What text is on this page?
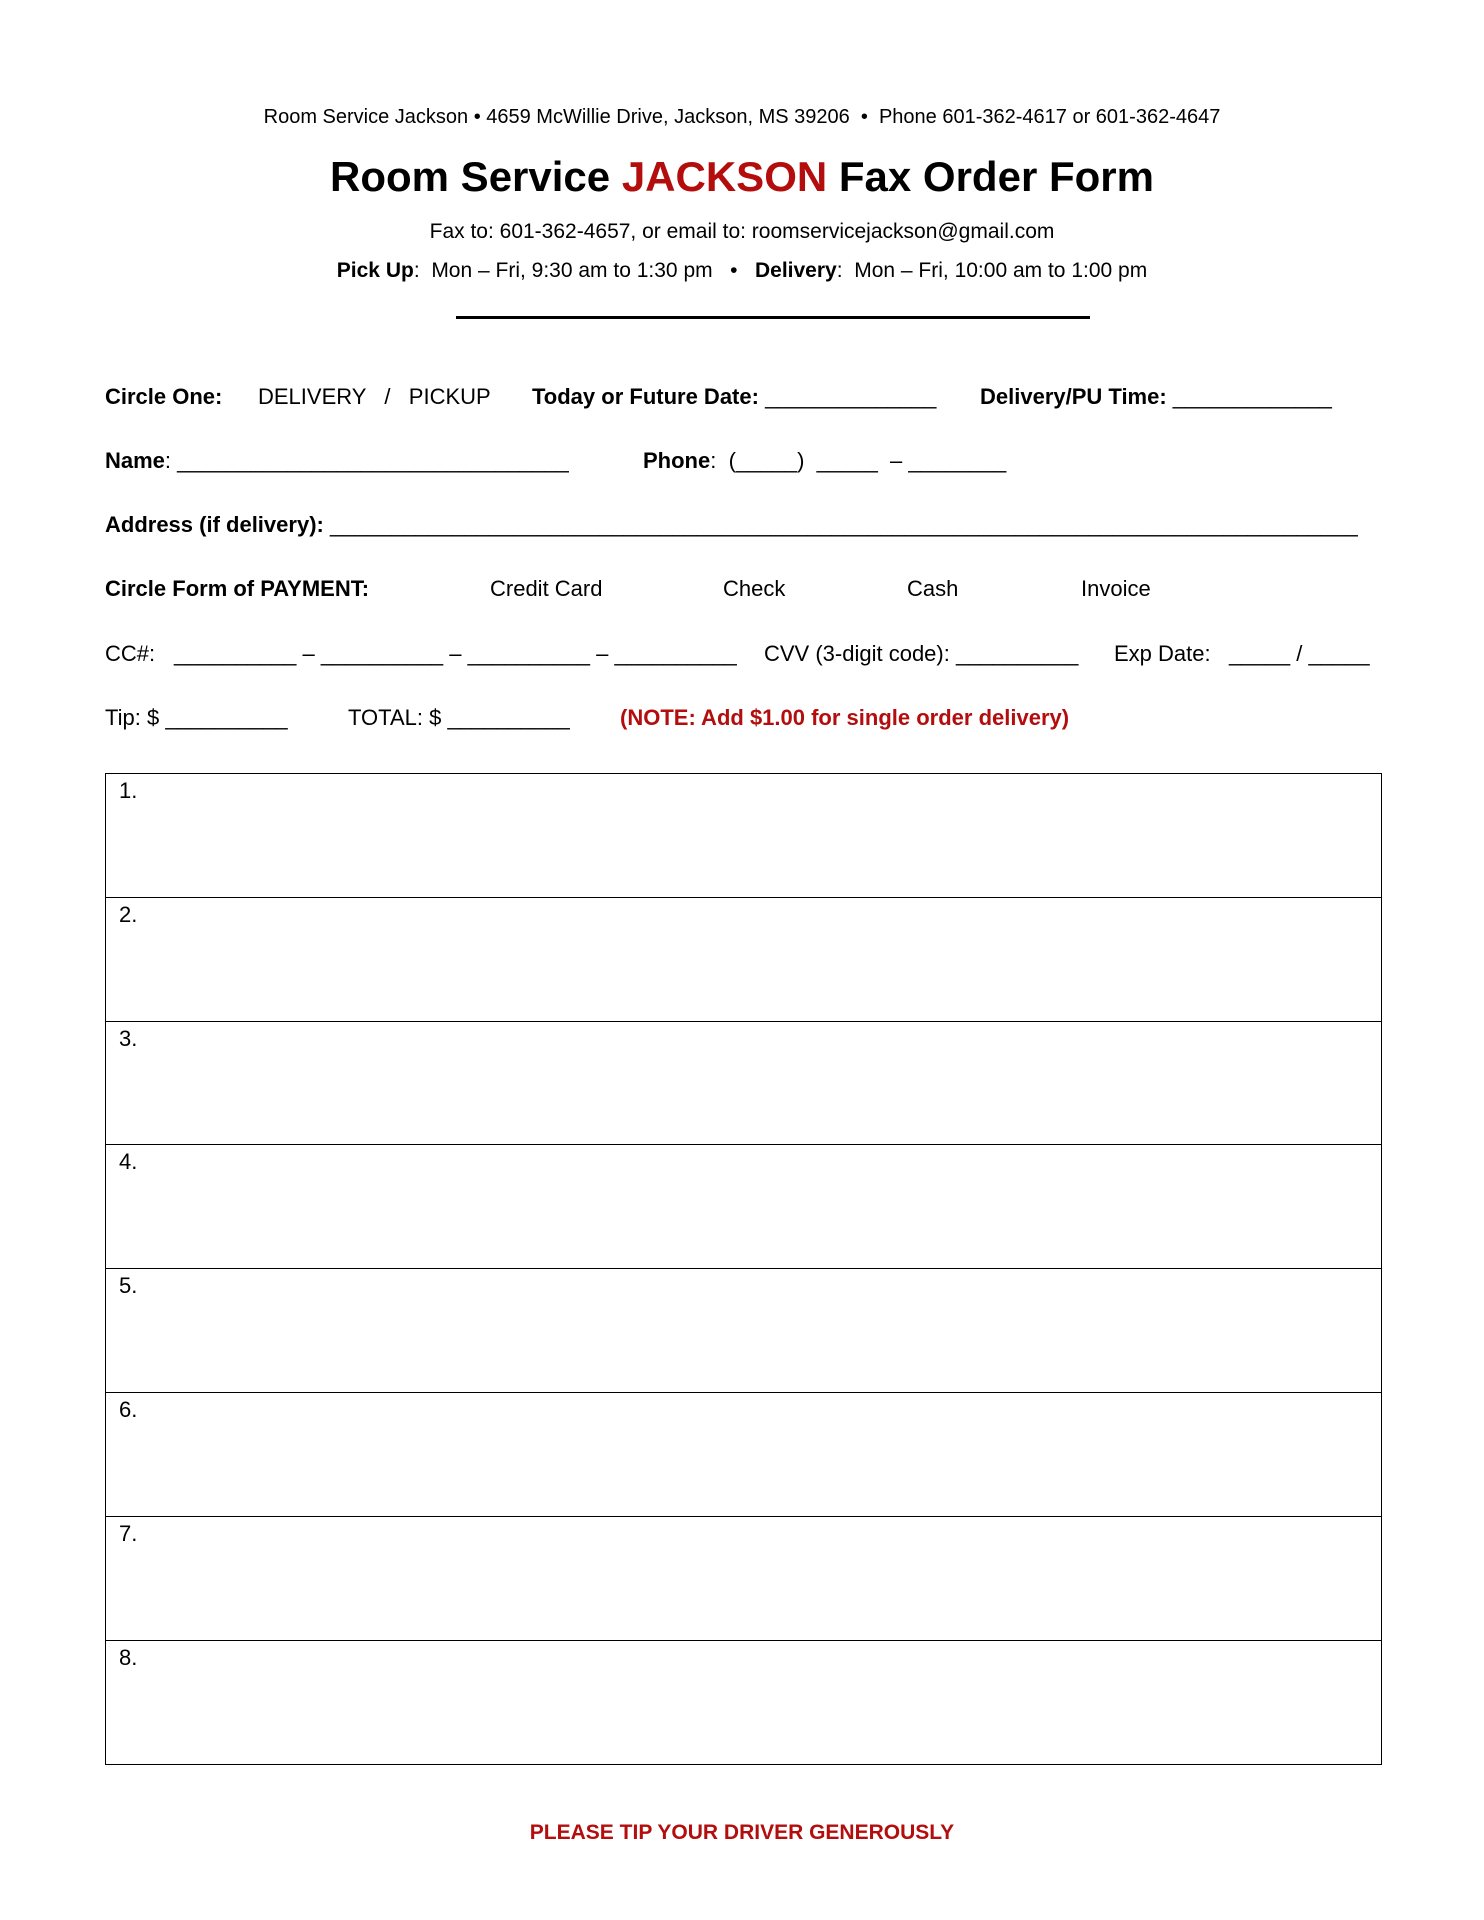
Room Service Jackson • 4659 McWillie Drive, Jackson, MS 39206  •  Phone 601-362-4617 or 601-362-4647
Room Service JACKSON Fax Order Form
Fax to: 601-362-4657, or email to: roomservicejackson@gmail.com
Pick Up:  Mon – Fri, 9:30 am to 1:30 pm   •   Delivery:  Mon – Fri, 10:00 am to 1:00 pm
Circle One: DELIVERY   /   PICKUP Today or Future Date: ______________ Delivery/PU Time: _____________
Name: ________________________________	Phone:  (_____)  _____  – ________
Address (if delivery): ____________________________________________________________________________________
Circle Form of PAYMENT:	Credit Card	Check	Cash	Invoice
CC#: __________ – __________ – __________ – __________ CVV (3-digit code): __________ Exp Date:   _____ / _____
Tip: $ __________	TOTAL: $ __________ (NOTE: Add $1.00 for single order delivery)
1.
2.
3.
4.
5.
6.
7.
8.
PLEASE TIP YOUR DRIVER GENEROUSLY
